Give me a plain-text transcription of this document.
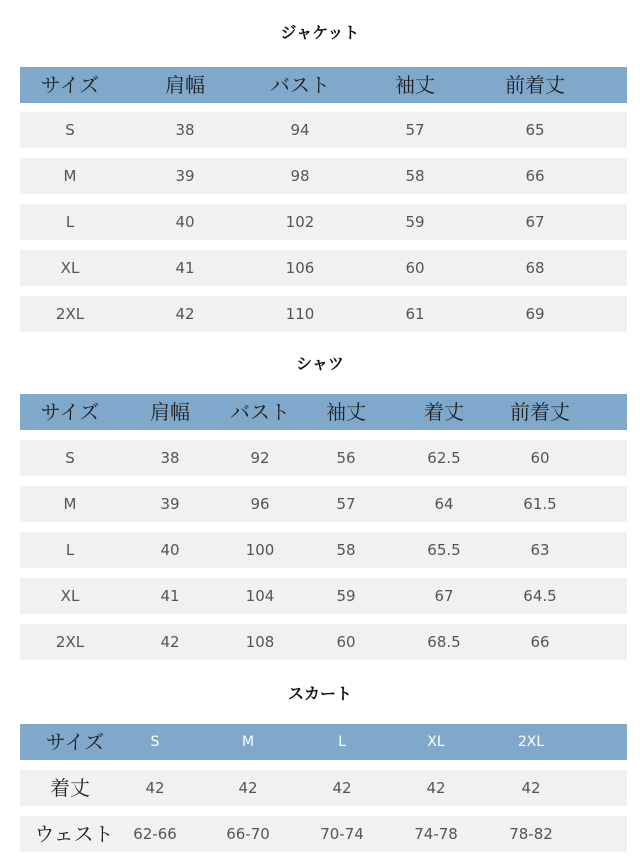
ジャケット
サイズ	肩幅	バスト	袖丈	前着丈
S	38	94	57	65
M	39	98	58	66
L	40	102	59	67
XL	41	106	60	68
2XL	42	110	61	69
シャツ
サイズ	肩幅	バスト	袖丈	着丈	前着丈
S	38	92	56	62.5	60
M	39	96	57	64	61.5
L	40	100	58	65.5	63
XL	41	104	59	67	64.5
2XL	42	108	60	68.5	66
スカート
サイズ	S	M	L	XL	2XL
着丈	42	42	42	42	42
ウェスト	62-66	66-70	70-74	74-78	78-82
